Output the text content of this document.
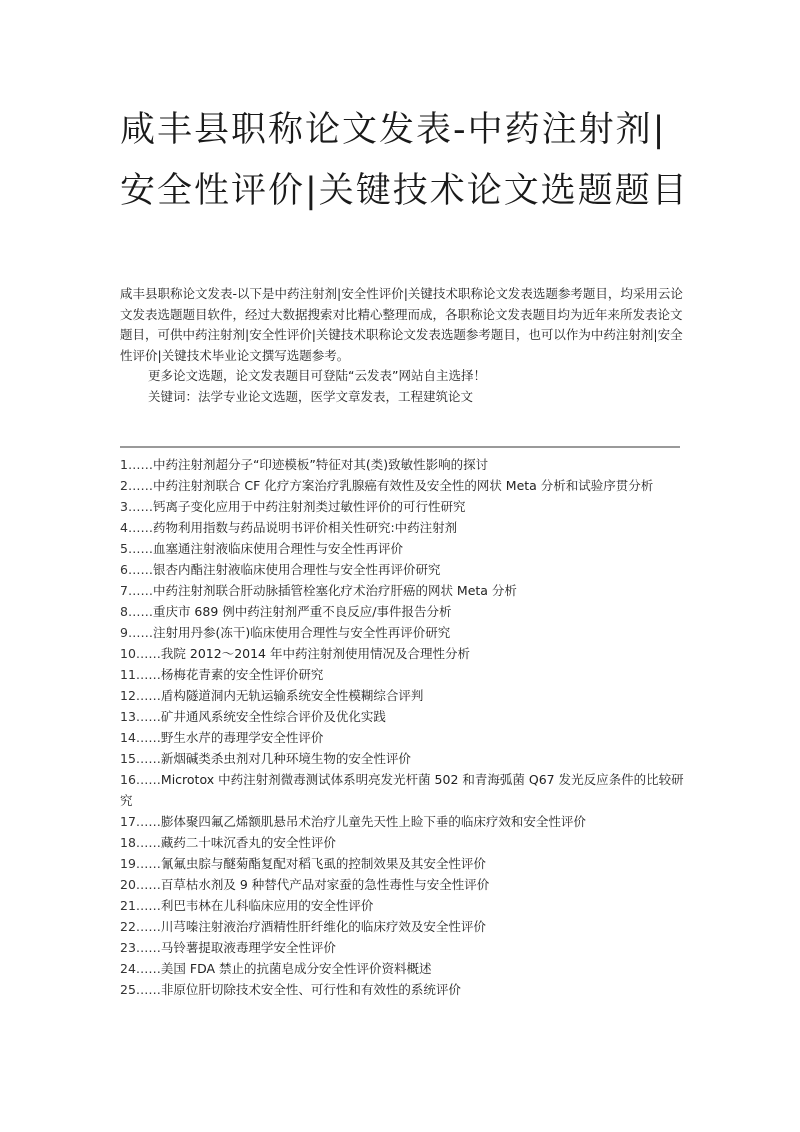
咸丰县职称论文发表-中药注射剂|安全性评价|关键技术论文选题题目

咸丰县职称论文发表-以下是中药注射剂|安全性评价|关键技术职称论文发表选题参考题目，均采用云论文发表选题题目软件，经过大数据搜索对比精心整理而成，各职称论文发表题目均为近年来所发表论文题目，可供中药注射剂|安全性评价|关键技术职称论文发表选题参考题目，也可以作为中药注射剂|安全性评价|关键技术毕业论文撰写选题参考。

更多论文选题，论文发表题目可登陆“云发表”网站自主选择！

关键词：法学专业论文选题，医学文章发表，工程建筑论文

1……中药注射剂超分子“印迹模板”特征对其(类)致敏性影响的探讨
2……中药注射剂联合 CF 化疗方案治疗乳腺癌有效性及安全性的网状 Meta 分析和试验序贯分析
3……钙离子变化应用于中药注射剂类过敏性评价的可行性研究
4……药物利用指数与药品说明书评价相关性研究:中药注射剂
5……血塞通注射液临床使用合理性与安全性再评价
6……银杏内酯注射液临床使用合理性与安全性再评价研究
7……中药注射剂联合肝动脉插管栓塞化疗术治疗肝癌的网状 Meta 分析
8……重庆市 689 例中药注射剂严重不良反应/事件报告分析
9……注射用丹参(冻干)临床使用合理性与安全性再评价研究
10……我院 2012～2014 年中药注射剂使用情况及合理性分析
11……杨梅花青素的安全性评价研究
12……盾构隧道洞内无轨运输系统安全性模糊综合评判
13……矿井通风系统安全性综合评价及优化实践
14……野生水芹的毒理学安全性评价
15……新烟碱类杀虫剂对几种环境生物的安全性评价
16……Microtox 中药注射剂微毒测试体系明亮发光杆菌 502 和青海弧菌 Q67 发光反应条件的比较研究
17……膨体聚四氟乙烯额肌悬吊术治疗儿童先天性上睑下垂的临床疗效和安全性评价
18……藏药二十味沉香丸的安全性评价
19……氰氟虫腙与醚菊酯复配对稻飞虱的控制效果及其安全性评价
20……百草枯水剂及 9 种替代产品对家蚕的急性毒性与安全性评价
21……利巴韦林在儿科临床应用的安全性评价
22……川芎嗪注射液治疗酒精性肝纤维化的临床疗效及安全性评价
23……马铃薯提取液毒理学安全性评价
24……美国 FDA 禁止的抗菌皂成分安全性评价资料概述
25……非原位肝切除技术安全性、可行性和有效性的系统评价
